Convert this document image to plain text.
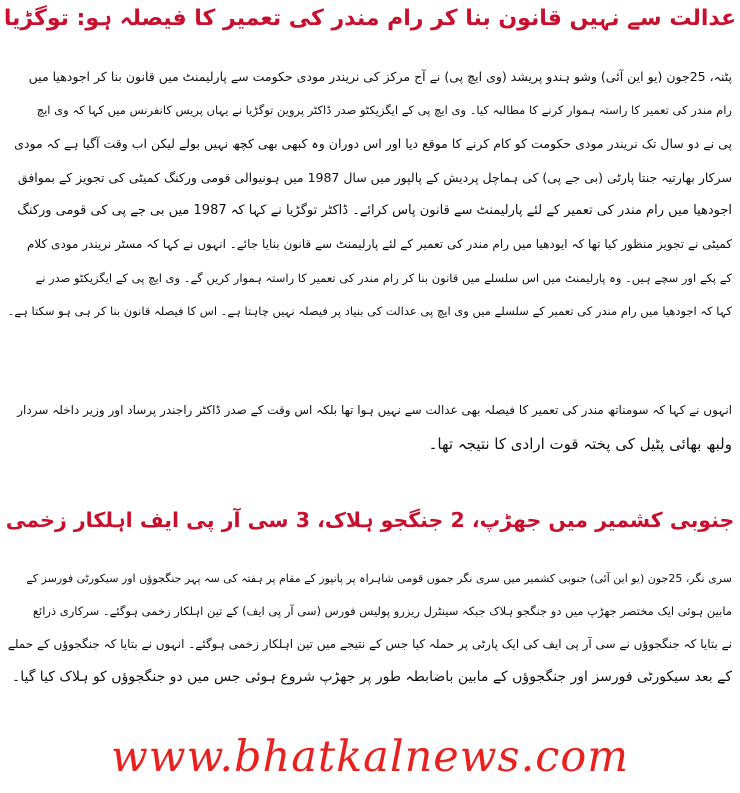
عدالت سے نہیں قانون بنا کر رام مندر کی تعمیر کا فیصلہ ہو: توگڑیا
پٹنہ، 25جون (یو این آئی) وشو ہندو پریشد (وی ایچ پی) نے آج مرکز کی نریندر مودی حکومت سے پارلیمنٹ میں قانون بنا کر اجودھیا میں
رام مندر کی تعمیر کا راستہ ہموار کرنے کا مطالبہ کیا۔ وی ایچ پی کے ایگزیکٹو صدر ڈاکٹر پروین توگڑیا نے یہاں پریس کانفرنس میں کہا کہ وی ایچ
پی نے دو سال تک نریندر مودی حکومت کو کام کرنے کا موقع دیا اور اس دوران وہ کبھی بھی کچھ نہیں بولے لیکن اب وقت آگیا ہے کہ مودی
سرکار بھارتیہ جنتا پارٹی (بی جے پی) کی ہماچل پردیش کے پالپور میں سال 1987 میں ہونیوالی قومی ورکنگ کمیٹی کی تجویز کے بموافق
اجودھیا میں رام مندر کی تعمیر کے لئے پارلیمنٹ سے قانون پاس کرائے۔ ڈاکٹر توگڑیا نے کہا کہ 1987 میں بی جے پی کی قومی ورکنگ
کمیٹی نے تجویز منظور کیا تھا کہ ایودھیا میں رام مندر کی تعمیر کے لئے پارلیمنٹ سے قانون بنایا جائے۔ انہوں نے کہا کہ مسٹر نریندر مودی کلام
کے پکے اور سچے ہیں۔ وہ پارلیمنٹ میں اس سلسلے میں قانون بنا کر رام مندر کی تعمیر کا راستہ ہموار کریں گے۔ وی ایچ پی کے ایگزیکٹو صدر نے
کہا کہ اجودھیا میں رام مندر کی تعمیر کے سلسلے میں وی ایچ پی عدالت کی بنیاد پر فیصلہ نہیں چاہتا ہے۔ اس کا فیصلہ قانون بنا کر ہی ہو سکتا ہے۔
انہوں نے کہا کہ سومناتھ مندر کی تعمیر کا فیصلہ بھی عدالت سے نہیں ہوا تھا بلکہ اس وقت کے صدر ڈاکٹر راجندر پرساد اور وزیر داخلہ سردار
ولبھ بھائی پٹیل کی پختہ قوت ارادی کا نتیجہ تھا۔
جنوبی کشمیر میں جھڑپ، 2 جنگجو ہلاک، 3 سی آر پی ایف اہلکار زخمی
سری نگر، 25جون (یو این آئی) جنوبی کشمیر میں سری نگر جموں قومی شاہراہ پر پانپور کے مقام پر ہفتہ کی سہ پہر جنگجوؤں اور سیکورٹی فورسز کے
مابین ہوئی ایک مختصر جھڑپ میں دو جنگجو ہلاک جبکہ سینٹرل ریزرو پولیس فورس (سی آر پی ایف) کے تین اہلکار زخمی ہوگئے۔ سرکاری ذرائع
نے بتایا کہ جنگجوؤں نے سی آر پی ایف کی ایک پارٹی پر حملہ کیا جس کے نتیجے میں تین اہلکار زخمی ہوگئے۔ انہوں نے بتایا کہ جنگجوؤں کے حملے
کے بعد سیکورٹی فورسز اور جنگجوؤں کے مابین باضابطہ طور پر جھڑپ شروع ہوئی جس میں دو جنگجوؤں کو ہلاک کیا گیا۔
www.bhatkalnews.com
